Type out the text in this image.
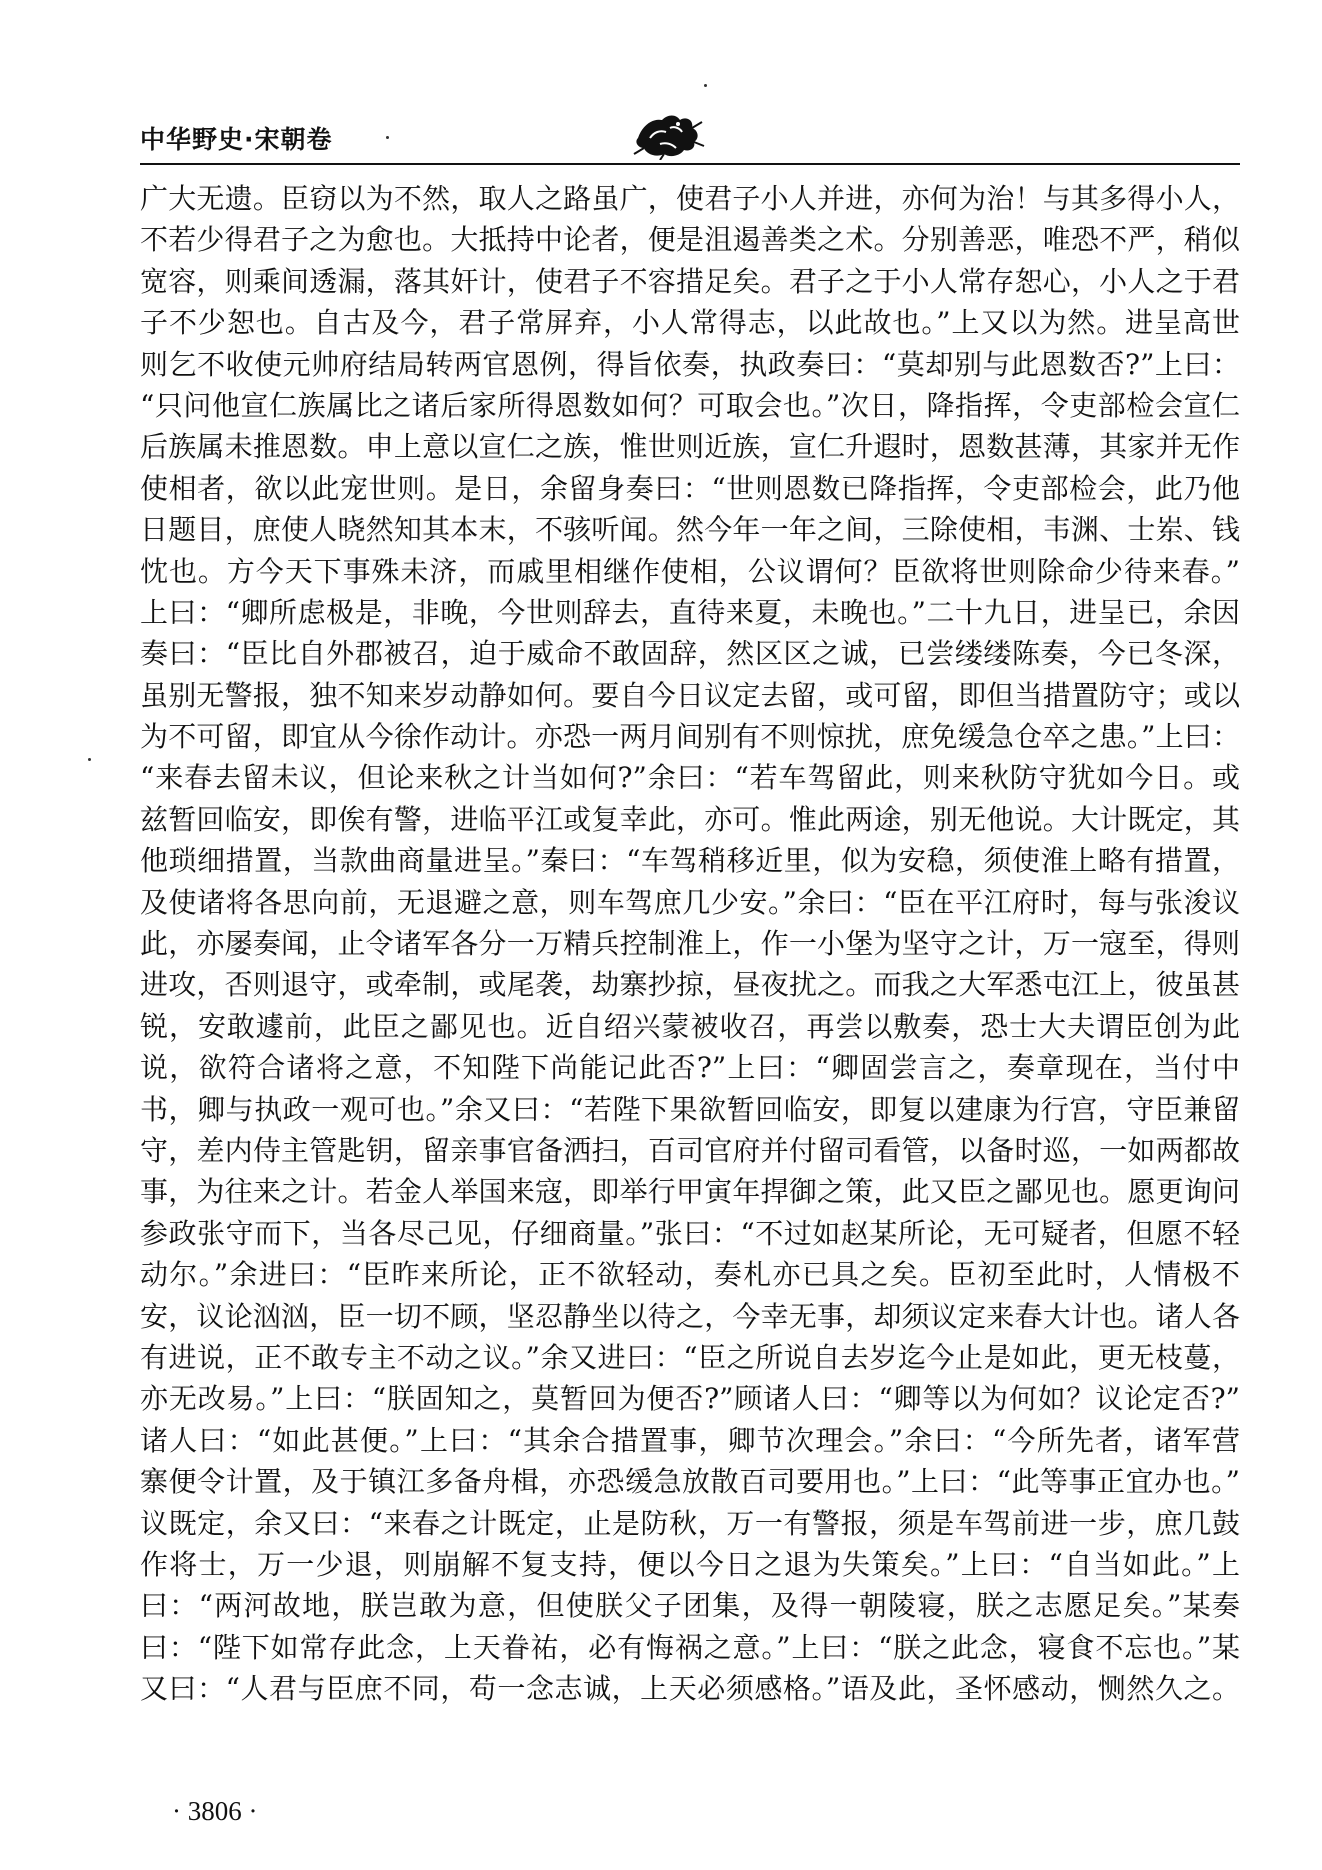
中华野史·宋朝卷
广大无遗。臣窃以为不然，取人之路虽广，使君子小人并进，亦何为治！与其多得小人，
不若少得君子之为愈也。大抵持中论者，便是沮遏善类之术。分别善恶，唯恐不严，稍似
宽容，则乘间透漏，落其奸计，使君子不容措足矣。君子之于小人常存恕心，小人之于君
子不少恕也。自古及今，君子常屏弃，小人常得志，以此故也。”上又以为然。进呈高世
则乞不收使元帅府结局转两官恩例，得旨依奏，执政奏曰：“莫却别与此恩数否?”上曰：
“只问他宣仁族属比之诸后家所得恩数如何？可取会也。”次日，降指挥，令吏部检会宣仁
后族属未推恩数。申上意以宣仁之族，惟世则近族，宣仁升遐时，恩数甚薄，其家并无作
使相者，欲以此宠世则。是日，余留身奏曰：“世则恩数已降指挥，令吏部检会，此乃他
日题目，庶使人晓然知其本末，不骇听闻。然今年一年之间，三除使相，韦渊、士岽、钱
忱也。方今天下事殊未济，而戚里相继作使相，公议谓何？臣欲将世则除命少待来春。”
上曰：“卿所虑极是，非晚，今世则辞去，直待来夏，未晚也。”二十九日，进呈已，余因
奏曰：“臣比自外郡被召，迫于威命不敢固辞，然区区之诚，已尝缕缕陈奏，今已冬深，
虽别无警报，独不知来岁动静如何。要自今日议定去留，或可留，即但当措置防守；或以
为不可留，即宜从今徐作动计。亦恐一两月间别有不则惊扰，庶免缓急仓卒之患。”上曰：
“来春去留未议，但论来秋之计当如何?”余曰：“若车驾留此，则来秋防守犹如今日。或
兹暂回临安，即俟有警，进临平江或复幸此，亦可。惟此两途，别无他说。大计既定，其
他琐细措置，当款曲商量进呈。”秦曰：“车驾稍移近里，似为安稳，须使淮上略有措置，
及使诸将各思向前，无退避之意，则车驾庶几少安。”余曰：“臣在平江府时，每与张浚议
此，亦屡奏闻，止令诸军各分一万精兵控制淮上，作一小堡为坚守之计，万一寇至，得则
进攻，否则退守，或牵制，或尾袭，劫寨抄掠，昼夜扰之。而我之大军悉屯江上，彼虽甚
锐，安敢遽前，此臣之鄙见也。近自绍兴蒙被收召，再尝以敷奏，恐士大夫谓臣创为此
说，欲符合诸将之意，不知陛下尚能记此否?”上曰：“卿固尝言之，奏章现在，当付中
书，卿与执政一观可也。”余又曰：“若陛下果欲暂回临安，即复以建康为行宫，守臣兼留
守，差内侍主管匙钥，留亲事官备洒扫，百司官府并付留司看管，以备时巡，一如两都故
事，为往来之计。若金人举国来寇，即举行甲寅年捍御之策，此又臣之鄙见也。愿更询问
参政张守而下，当各尽己见，仔细商量。”张曰：“不过如赵某所论，无可疑者，但愿不轻
动尔。”余进曰：“臣昨来所论，正不欲轻动，奏札亦已具之矣。臣初至此时，人情极不
安，议论汹汹，臣一切不顾，坚忍静坐以待之，今幸无事，却须议定来春大计也。诸人各
有进说，正不敢专主不动之议。”余又进曰：“臣之所说自去岁迄今止是如此，更无枝蔓，
亦无改易。”上曰：“朕固知之，莫暂回为便否?”顾诸人曰：“卿等以为何如？议论定否?”
诸人曰：“如此甚便。”上曰：“其余合措置事，卿节次理会。”余曰：“今所先者，诸军营
寨便令计置，及于镇江多备舟楫，亦恐缓急放散百司要用也。”上曰：“此等事正宜办也。”
议既定，余又曰：“来春之计既定，止是防秋，万一有警报，须是车驾前进一步，庶几鼓
作将士，万一少退，则崩解不复支持，便以今日之退为失策矣。”上曰：“自当如此。”上
曰：“两河故地，朕岂敢为意，但使朕父子团集，及得一朝陵寝，朕之志愿足矣。”某奏
曰：“陛下如常存此念，上天眷祐，必有悔祸之意。”上曰：“朕之此念，寝食不忘也。”某
又曰：“人君与臣庶不同，苟一念志诚，上天必须感格。”语及此，圣怀感动，恻然久之。
· 3806 ·
